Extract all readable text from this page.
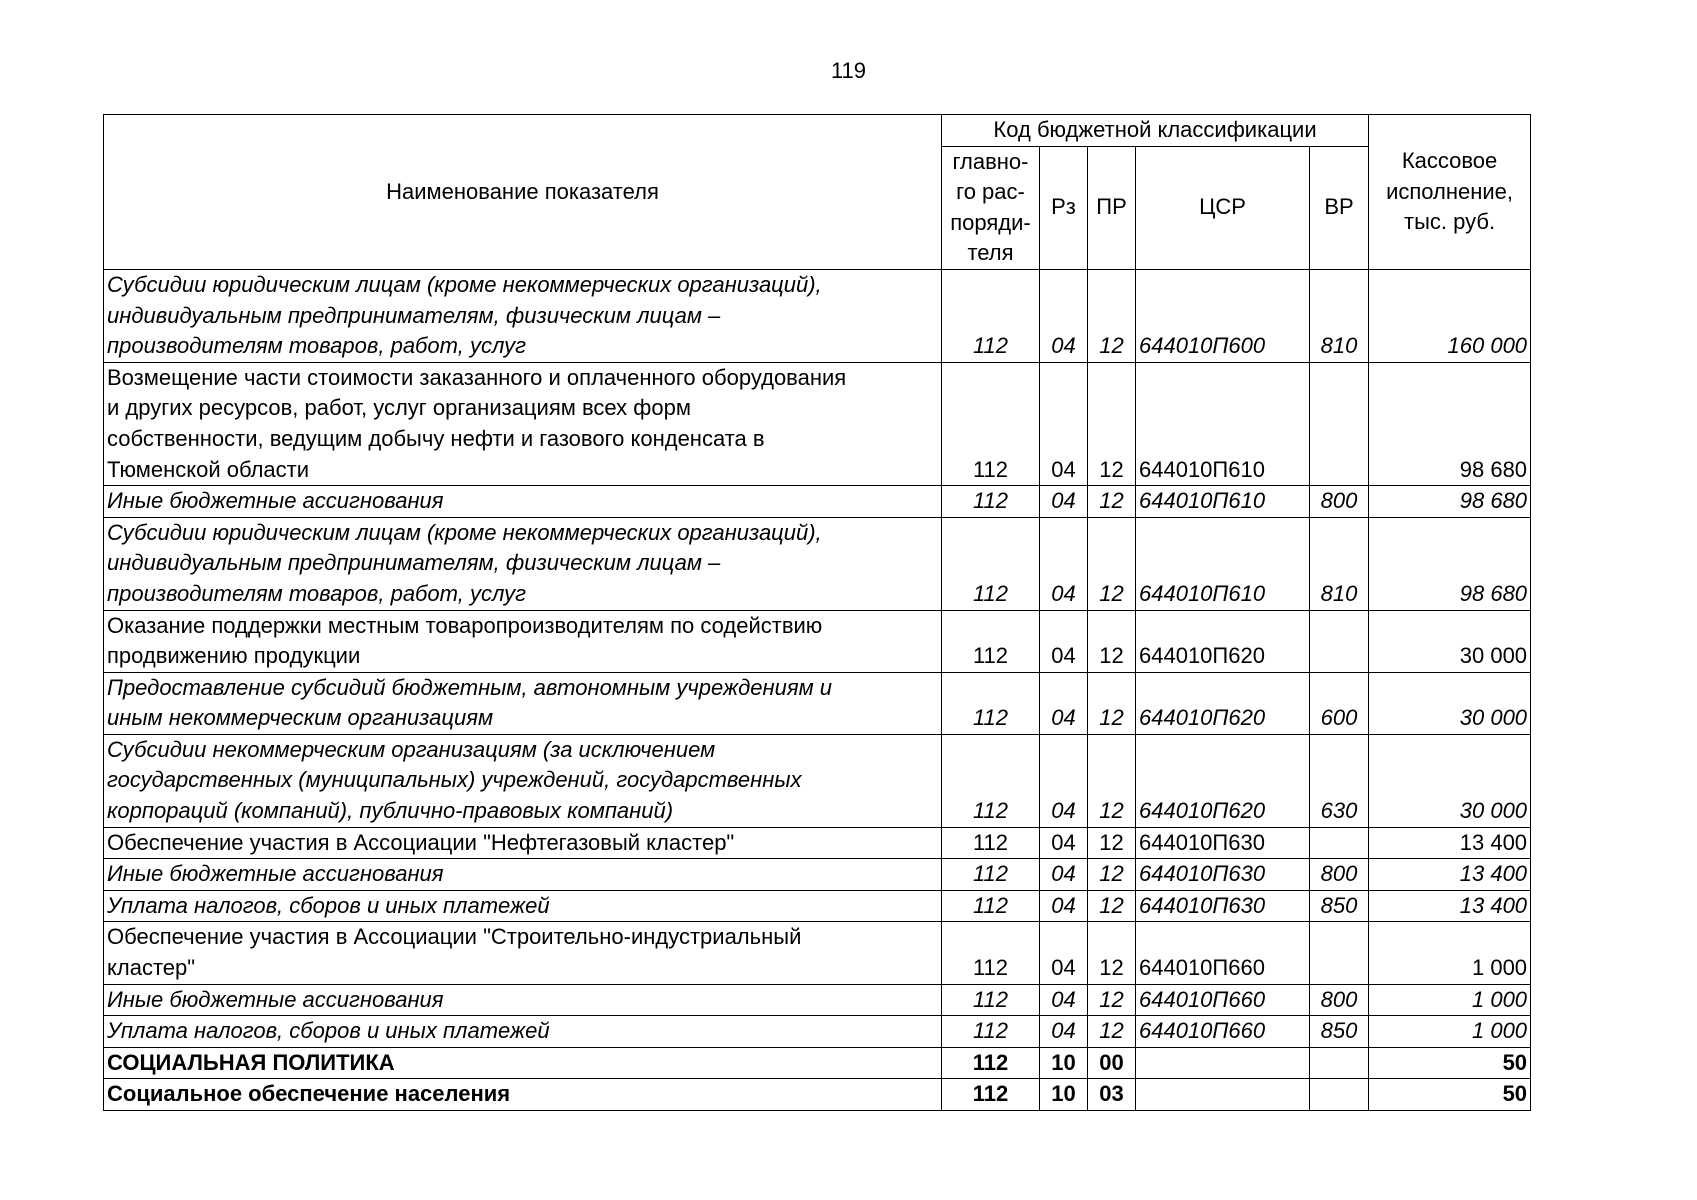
119
Наименование показателя	Код бюджетной классификации					Кассовое
исполнение,
тыс. руб.

	главно-
го рас-
поряди-
теля	Рз	ПР	ЦСР	ВР	

Субсидии юридическим лицам (кроме некоммерческих организаций),
индивидуальным предпринимателям, физическим лицам –
производителям товаров, работ, услуг	112	04	12	644010П600	810	160 000

Возмещение части стоимости заказанного и оплаченного оборудования
и других ресурсов, работ, услуг организациям всех форм
собственности, ведущим добычу нефти и газового конденсата в
Тюменской области	112	04	12	644010П610		98 680

Иные бюджетные ассигнования	112	04	12	644010П610	800	98 680

Субсидии юридическим лицам (кроме некоммерческих организаций),
индивидуальным предпринимателям, физическим лицам –
производителям товаров, работ, услуг	112	04	12	644010П610	810	98 680

Оказание поддержки местным товаропроизводителям по содействию
продвижению продукции	112	04	12	644010П620		30 000

Предоставление субсидий бюджетным, автономным учреждениям и
иным некоммерческим организациям	112	04	12	644010П620	600	30 000

Субсидии некоммерческим организациям (за исключением
государственных (муниципальных) учреждений, государственных
корпораций (компаний), публично-правовых компаний)	112	04	12	644010П620	630	30 000

Обеспечение участия в Ассоциации "Нефтегазовый кластер"	112	04	12	644010П630		13 400

Иные бюджетные ассигнования	112	04	12	644010П630	800	13 400

Уплата налогов, сборов и иных платежей	112	04	12	644010П630	850	13 400

Обеспечение участия в Ассоциации "Строительно-индустриальный
кластер"	112	04	12	644010П660		1 000

Иные бюджетные ассигнования	112	04	12	644010П660	800	1 000

Уплата налогов, сборов и иных платежей	112	04	12	644010П660	850	1 000

СОЦИАЛЬНАЯ ПОЛИТИКА	112	10	00			50

Социальное обеспечение населения	112	10	03			50
